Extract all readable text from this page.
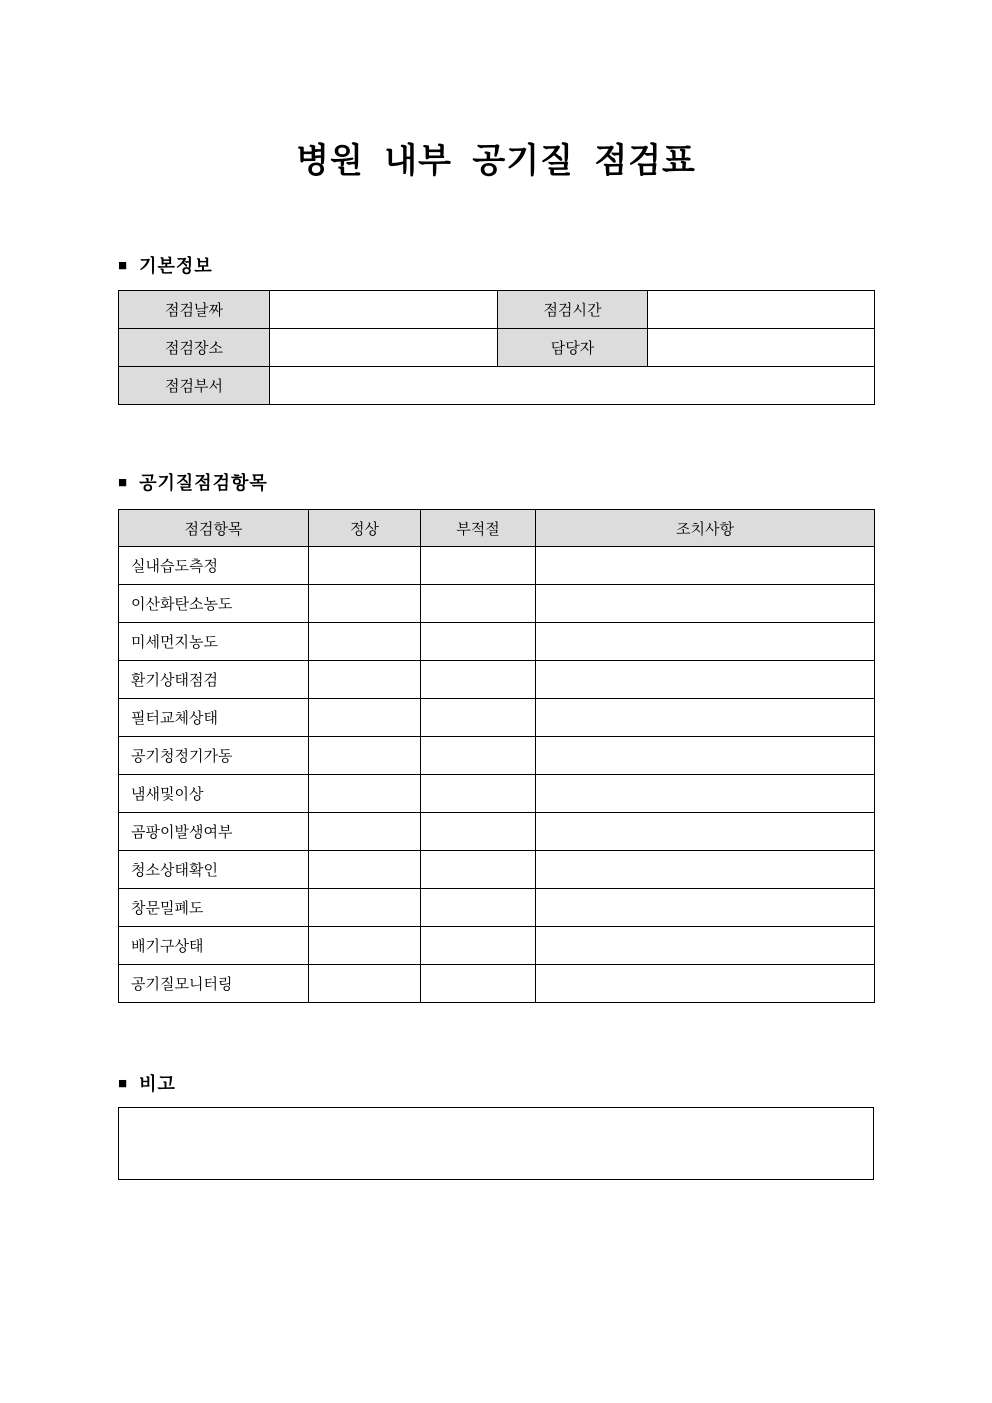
병원 내부 공기질 점검표
■ 기본정보
점검날짜		점검시간	
점검장소		담당자	
점검부서			
■ 공기질점검항목
점검항목	정상	부적절	조치사항
실내습도측정			
이산화탄소농도			
미세먼지농도			
환기상태점검			
필터교체상태			
공기청정기가동			
냄새및이상			
곰팡이발생여부			
청소상태확인			
창문밀폐도			
배기구상태			
공기질모니터링			
■ 비고
